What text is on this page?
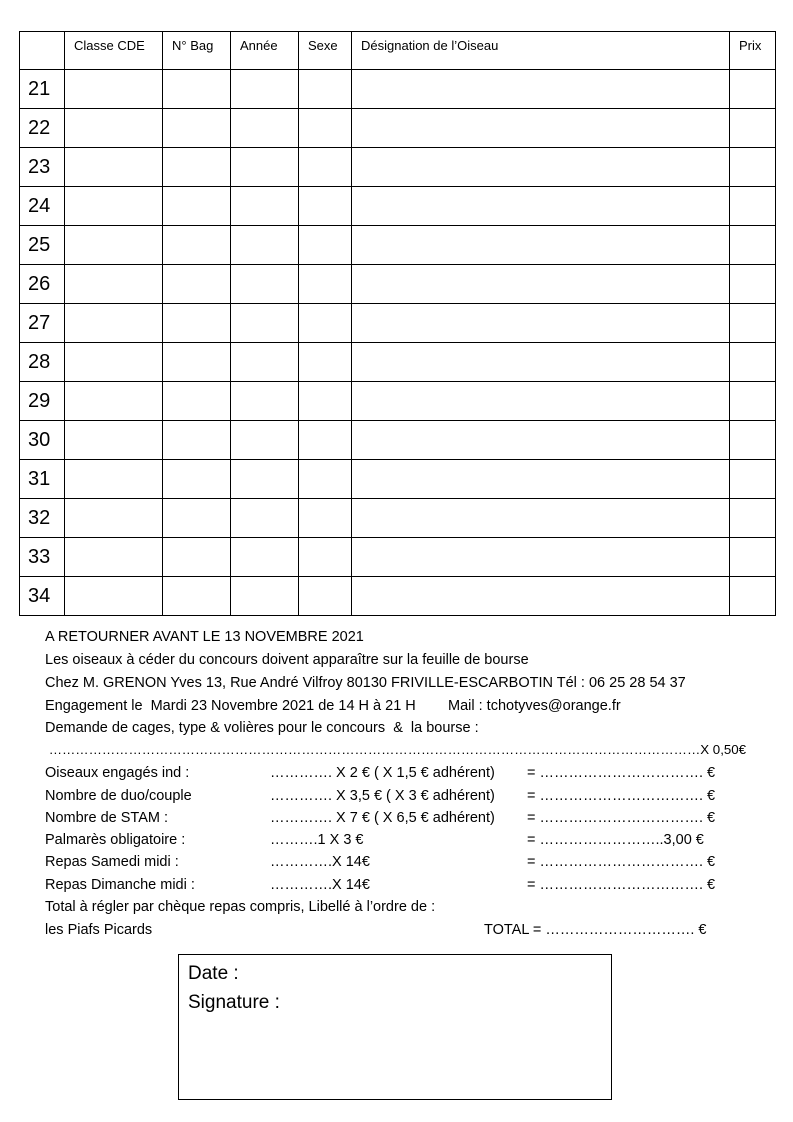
	Classe CDE	N° Bag	Année	Sexe	Désignation de l’Oiseau	Prix
21						
22						
23						
24						
25						
26						
27						
28						
29						
30						
31						
32						
33						
34						
A RETOURNER AVANT LE 13 NOVEMBRE 2021
Les oiseaux à céder du concours doivent apparaître sur la feuille de bourse
Chez M. GRENON Yves 13, Rue André Vilfroy 80130 FRIVILLE-ESCARBOTIN Tél : 06 25 28 54 37
Engagement le  Mardi 23 Novembre 2021 de 14 H à 21 H        Mail : tchotyves@orange.fr
Demande de cages, type & volières pour le concours  &  la bourse :
…………………………………………………………………………………………………………………………………X 0,50€
Oiseaux engagés ind :	…………. X 2 € ( X 1,5 € adhérent) = ……………………………. €
Nombre de duo/couple	…………. X 3,5 € ( X 3 € adhérent) = ……………………………. €
Nombre de STAM :	…………. X 7 € ( X 6,5 € adhérent) = ……………………………. €
Palmarès obligatoire :	……….1 X 3 €	= ……………………..3,00 €
Repas Samedi midi :	………….X 14€	= ……………………………. €
Repas Dimanche midi :	………….X 14€	= ……………………………. €
Total à régler par chèque repas compris, Libellé à l’ordre de :
les Piafs Picards	TOTAL = …………………………. €
Date :
Signature :
